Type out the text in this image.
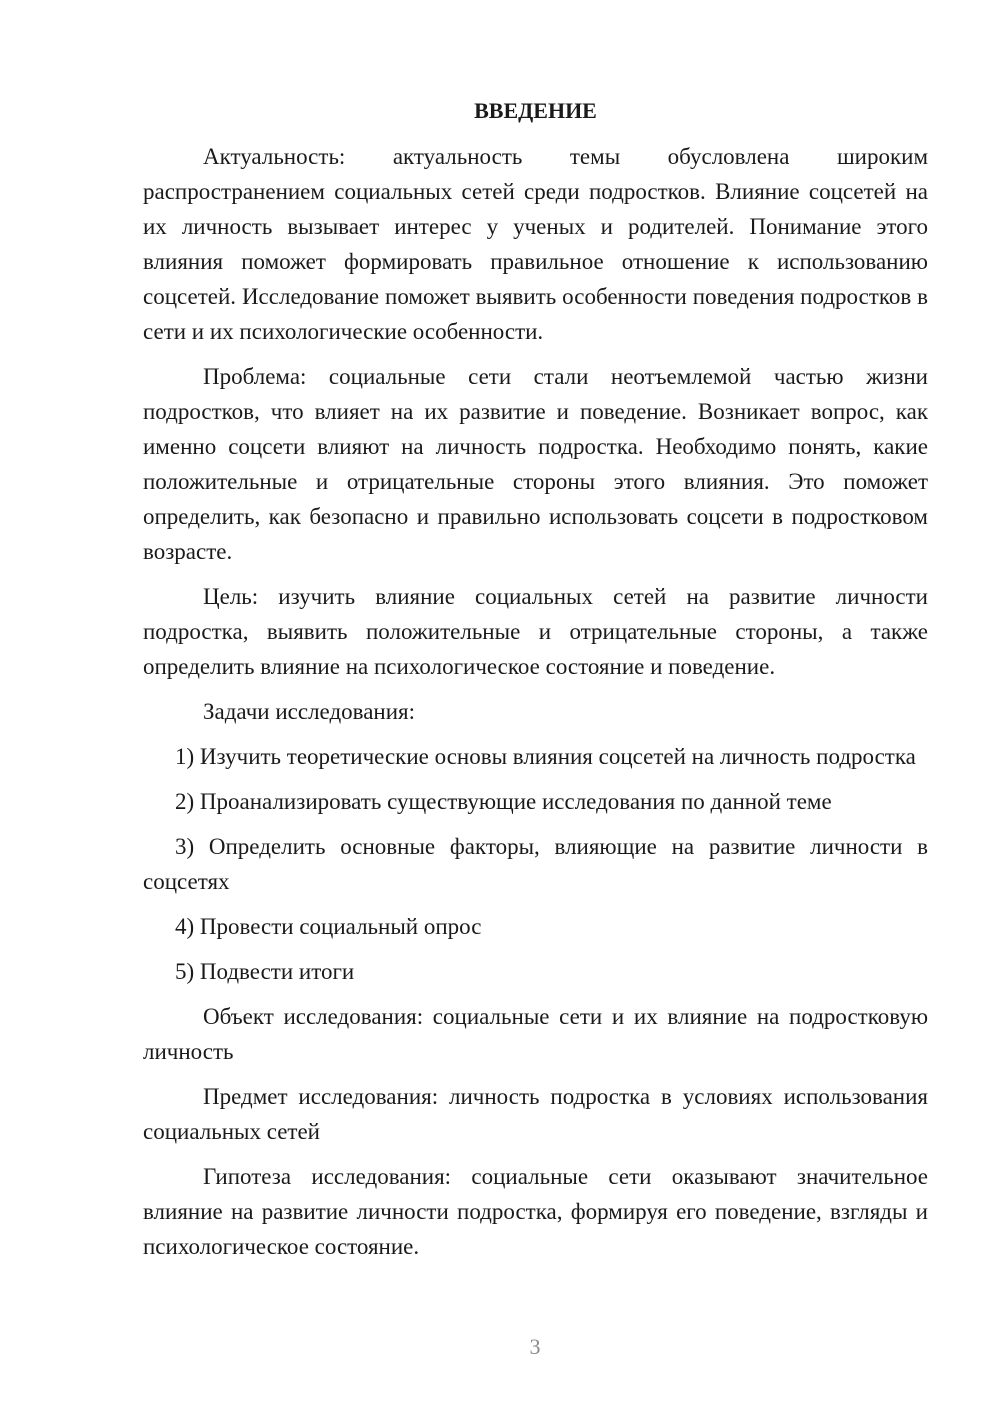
ВВЕДЕНИЕ

Актуальность: актуальность темы обусловлена широким распространением социальных сетей среди подростков. Влияние соцсетей на их личность вызывает интерес у ученых и родителей. Понимание этого влияния поможет формировать правильное отношение к использованию соцсетей. Исследование поможет выявить особенности поведения подростков в сети и их психологические особенности.

Проблема: социальные сети стали неотъемлемой частью жизни подростков, что влияет на их развитие и поведение. Возникает вопрос, как именно соцсети влияют на личность подростка. Необходимо понять, какие положительные и отрицательные стороны этого влияния. Это поможет определить, как безопасно и правильно использовать соцсети в подростковом возрасте.

Цель: изучить влияние социальных сетей на развитие личности подростка, выявить положительные и отрицательные стороны, а также определить влияние на психологическое состояние и поведение.

Задачи исследования:

1) Изучить теоретические основы влияния соцсетей на личность подростка

2) Проанализировать существующие исследования по данной теме

3) Определить основные факторы, влияющие на развитие личности в соцсетях

4) Провести социальный опрос

5) Подвести итоги

Объект исследования: социальные сети и их влияние на подростковую личность

Предмет исследования: личность подростка в условиях использования социальных сетей

Гипотеза исследования: социальные сети оказывают значительное влияние на развитие личности подростка, формируя его поведение, взгляды и психологическое состояние.

3
